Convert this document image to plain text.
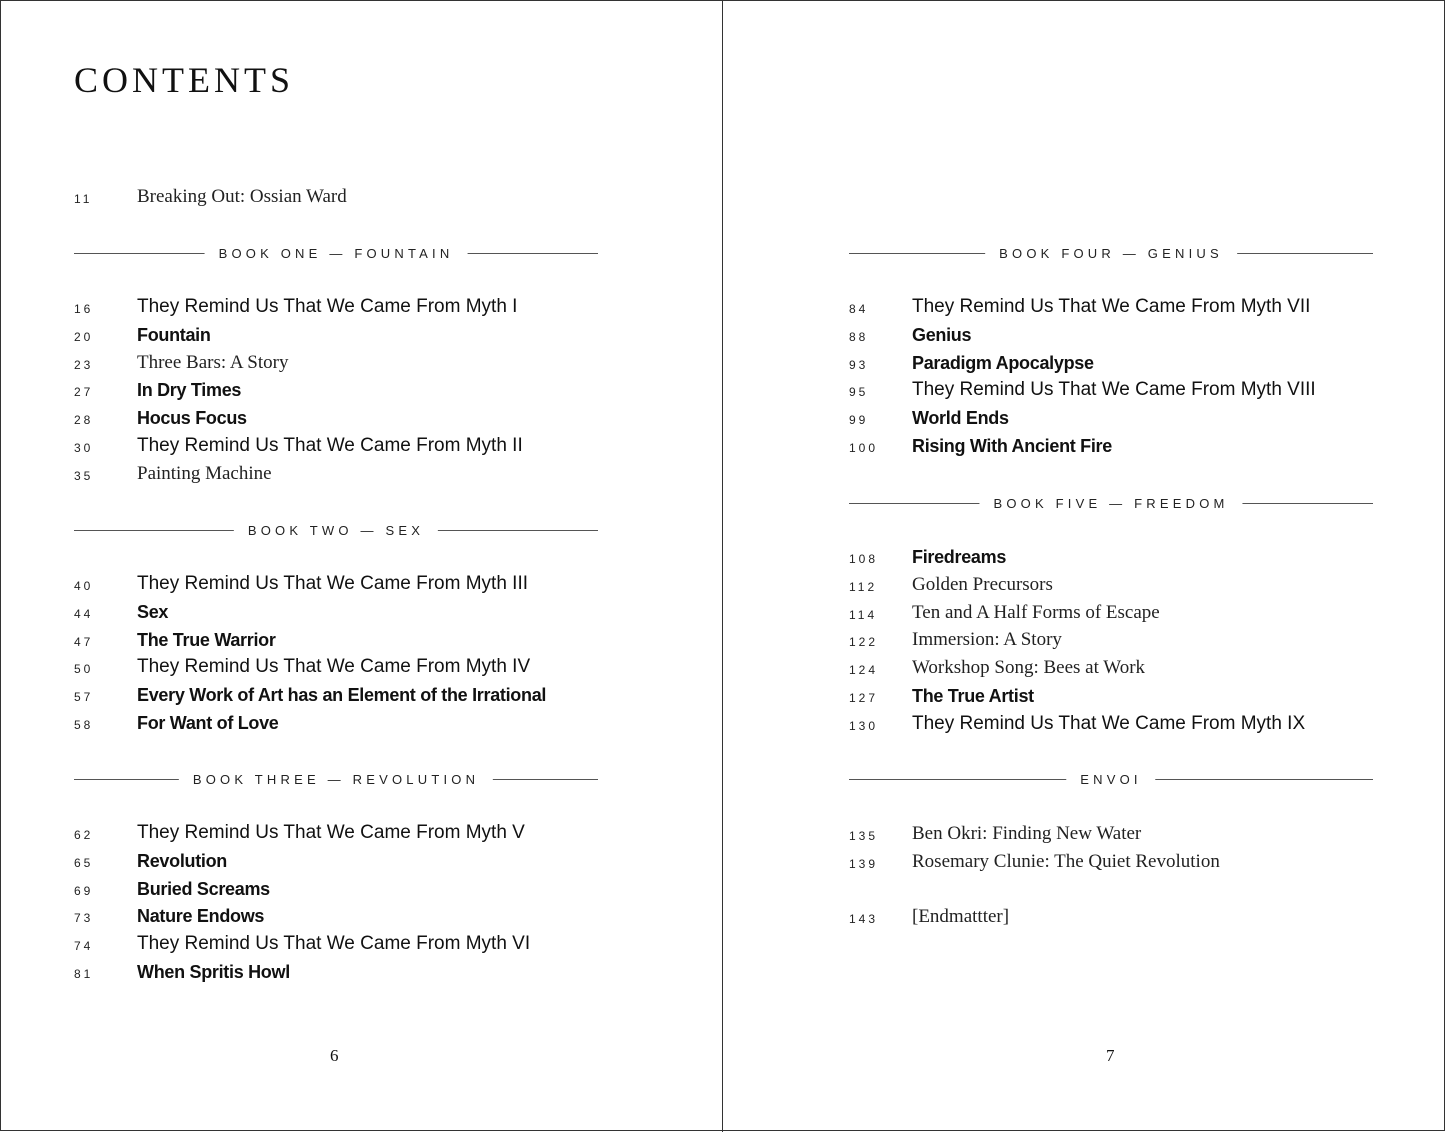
CONTENTS
11 Breaking Out: Ossian Ward
BOOK ONE — FOUNTAIN
16 They Remind Us That We Came From Myth I
20 Fountain
23 Three Bars: A Story
27 In Dry Times
28 Hocus Focus
30 They Remind Us That We Came From Myth II
35 Painting Machine
BOOK TWO — SEX
40 They Remind Us That We Came From Myth III
44 Sex
47 The True Warrior
50 They Remind Us That We Came From Myth IV
57 Every Work of Art has an Element of the Irrational
58 For Want of Love
BOOK THREE — REVOLUTION
62 They Remind Us That We Came From Myth V
65 Revolution
69 Buried Screams
73 Nature Endows
74 They Remind Us That We Came From Myth VI
81 When Spritis Howl
6
BOOK FOUR — GENIUS
84 They Remind Us That We Came From Myth VII
88 Genius
93 Paradigm Apocalypse
95 They Remind Us That We Came From Myth VIII
99 World Ends
100 Rising With Ancient Fire
BOOK FIVE — FREEDOM
108 Firedreams
112 Golden Precursors
114 Ten and A Half Forms of Escape
122 Immersion: A Story
124 Workshop Song: Bees at Work
127 The True Artist
130 They Remind Us That We Came From Myth IX
ENVOI
135 Ben Okri: Finding New Water
139 Rosemary Clunie: The Quiet Revolution
143 [Endmattter]
7
